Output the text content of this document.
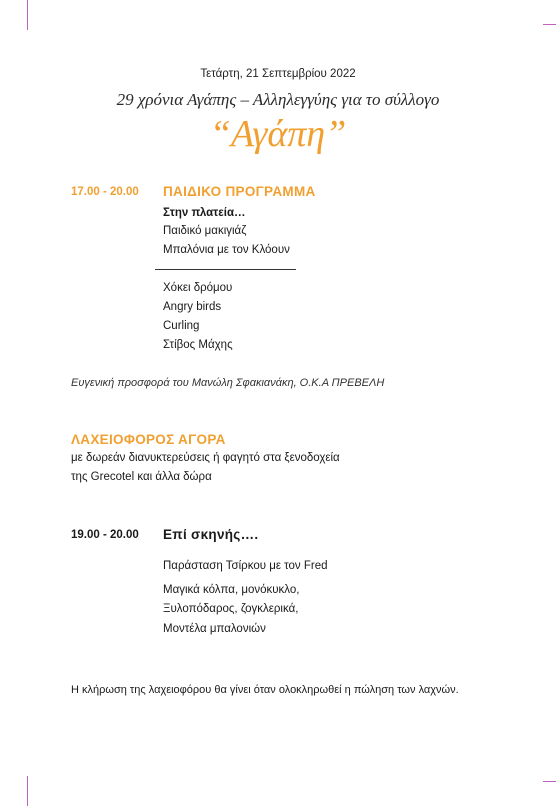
Τετάρτη, 21 Σεπτεμβρίου 2022
29 χρόνια Αγάπης – Αλληλεγγύης για το σύλλογο
“Αγάπη”
17.00 - 20.00 ΠΑΙΔΙΚΟ ΠΡΟΓΡΑΜΜΑ
Στην πλατεία…
Παιδικό μακιγιάζ
Μπαλόνια με τον Κλόουν
Χόκει δρόμου
Angry birds
Curling
Στίβος Μάχης
Ευγενική προσφορά του Μανώλη Σφακιανάκη, Ο.Κ.Α ΠΡΕΒΕΛΗ
ΛΑΧΕΙΟΦΟΡΟΣ ΑΓΟΡΑ
με δωρεάν διανυκτερεύσεις ή φαγητό στα ξενοδοχεία
της Grecotel και άλλα δώρα
19.00 - 20.00 Επί σκηνής….
Παράσταση Τσίρκου με τον Fred
Μαγικά κόλπα, μονόκυκλο,
Ξυλοπόδαρος, ζογκλερικά,
Μοντέλα μπαλονιών
Η κλήρωση της λαχειοφόρου θα γίνει όταν ολοκληρωθεί η πώληση των λαχνών.
